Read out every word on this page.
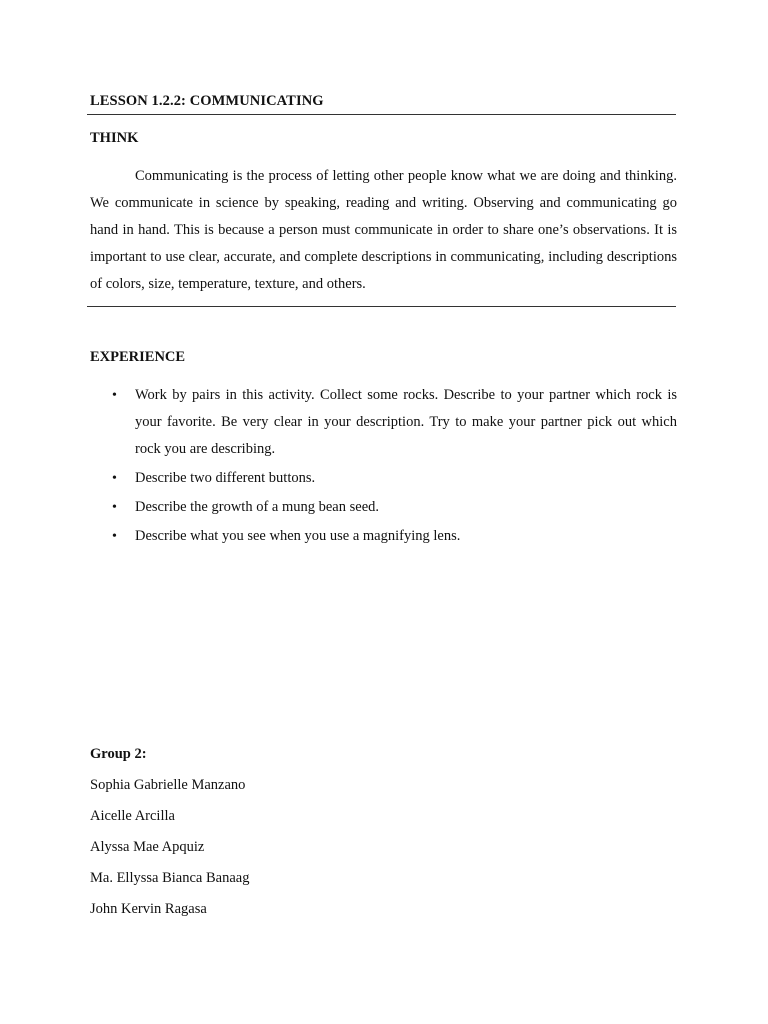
LESSON 1.2.2: COMMUNICATING
THINK

Communicating is the process of letting other people know what we are doing and thinking. We communicate in science by speaking, reading and writing. Observing and communicating go hand in hand. This is because a person must communicate in order to share one’s observations. It is important to use clear, accurate, and complete descriptions in communicating, including descriptions of colors, size, temperature, texture, and others.

EXPERIENCE
• Work by pairs in this activity. Collect some rocks. Describe to your partner which rock is your favorite. Be very clear in your description. Try to make your partner pick out which rock you are describing.
• Describe two different buttons.
• Describe the growth of a mung bean seed.
• Describe what you see when you use a magnifying lens.
Group 2:
Sophia Gabrielle Manzano
Aicelle Arcilla
Alyssa Mae Apquiz
Ma. Ellyssa Bianca Banaag
John Kervin Ragasa
